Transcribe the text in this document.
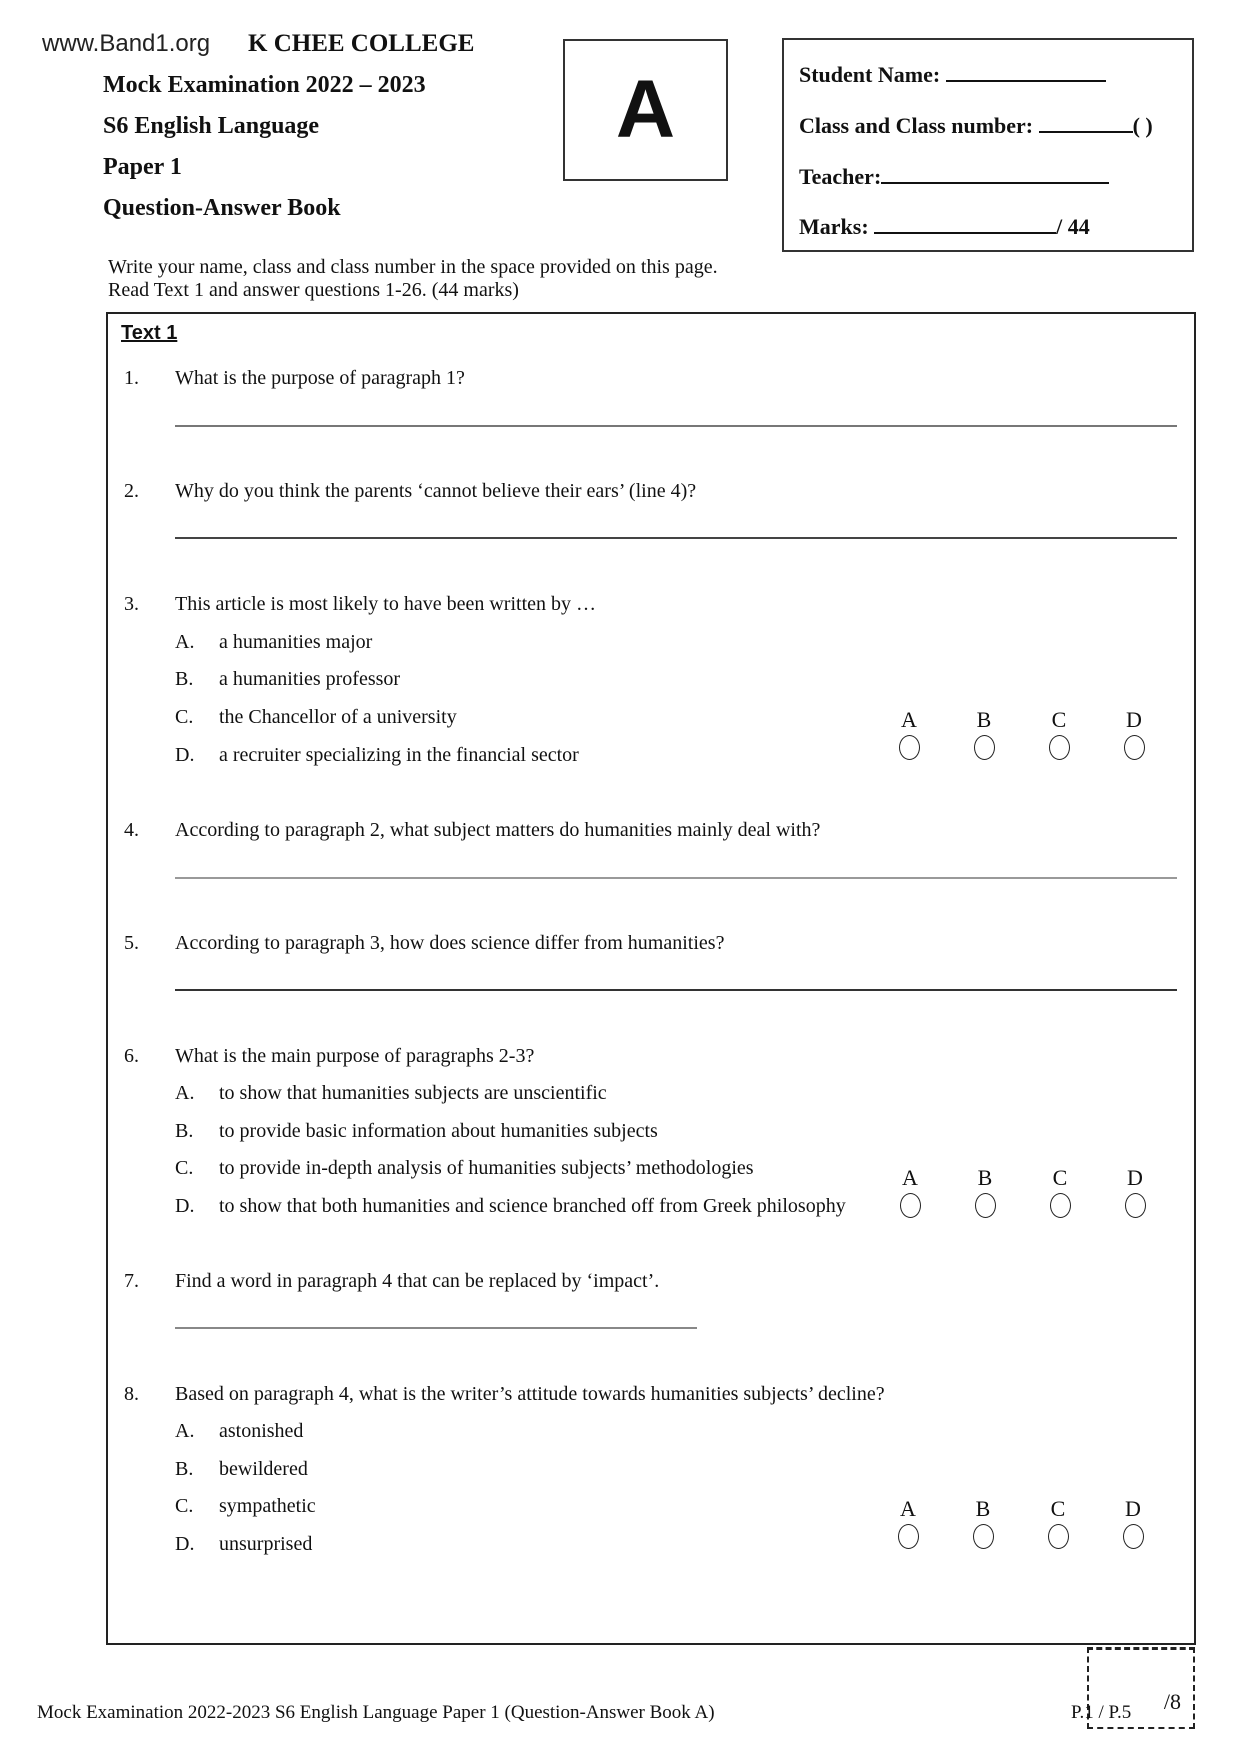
www.Band1.org K CHEE COLLEGE
Mock Examination 2022 – 2023
S6 English Language
Paper 1
Question-Answer Book
A	Student Name:
Class and Class number:	( )
Teacher:
Marks:	/ 44
Write your name, class and class number in the space provided on this page.
Read Text 1 and answer questions 1-26. (44 marks)
Text 1
1. What is the purpose of paragraph 1?
2. Why do you think the parents ‘cannot believe their ears’ (line 4)?
3. This article is most likely to have been written by …
A. a humanities major
B. a humanities professor
C. the Chancellor of a university
D. a recruiter specializing in the financial sector
A	B	C	D
4. According to paragraph 2, what subject matters do humanities mainly deal with?
5. According to paragraph 3, how does science differ from humanities?
6. What is the main purpose of paragraphs 2-3?
A. to show that humanities subjects are unscientific
B. to provide basic information about humanities subjects
C. to provide in-depth analysis of humanities subjects’ methodologies
D. to show that both humanities and science branched off from Greek philosophy
A	B	C	D
7. Find a word in paragraph 4 that can be replaced by ‘impact’.
8. Based on paragraph 4, what is the writer’s attitude towards humanities subjects’ decline?
A. astonished
B. bewildered
C. sympathetic
D. unsurprised
A	B	C	D
/8
Mock Examination 2022-2023 S6 English Language Paper 1 (Question-Answer Book A)	P.1 / P.5
